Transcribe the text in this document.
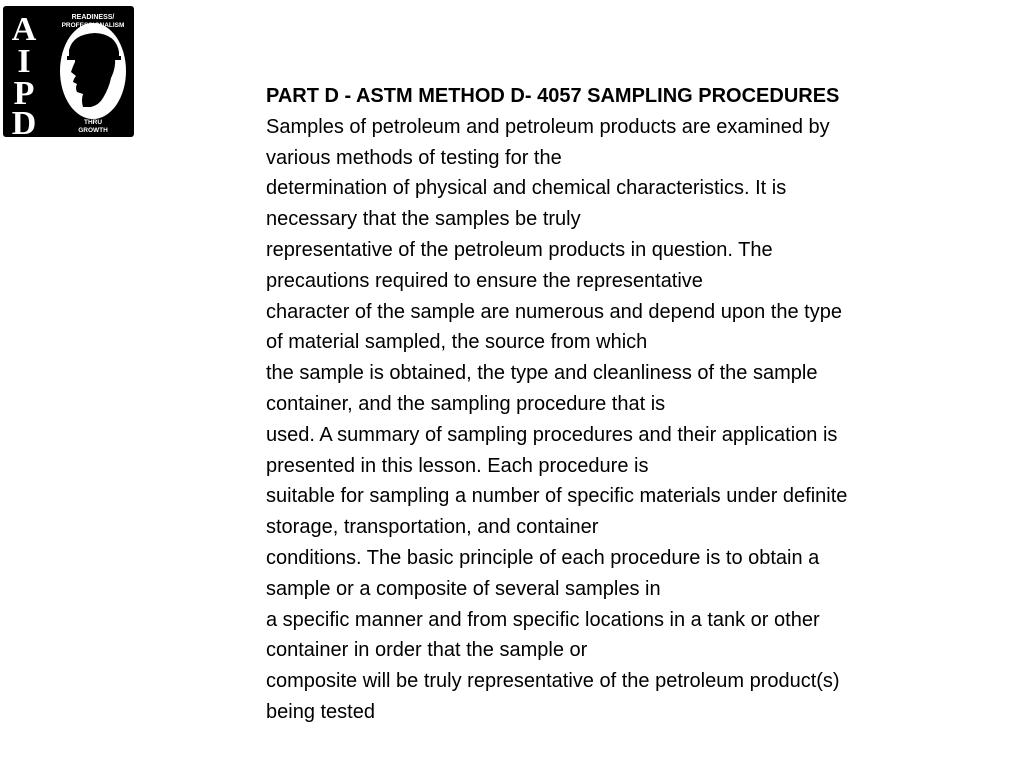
A
I
P
D
READINESS/
PROFESSIONALISM
THRU
GROWTH
PART D - ASTM METHOD D- 4057 SAMPLING PROCEDURES
Samples of petroleum and petroleum products are examined by
various methods of testing for the
determination of physical and chemical characteristics. It is
necessary that the samples be truly
representative of the petroleum products in question. The
precautions required to ensure the representative
character of the sample are numerous and depend upon the type
of material sampled, the source from which
the sample is obtained, the type and cleanliness of the sample
container, and the sampling procedure that is
used. A summary of sampling procedures and their application is
presented in this lesson. Each procedure is
suitable for sampling a number of specific materials under definite
storage, transportation, and container
conditions. The basic principle of each procedure is to obtain a
sample or a composite of several samples in
a specific manner and from specific locations in a tank or other
container in order that the sample or
composite will be truly representative of the petroleum product(s)
being tested
